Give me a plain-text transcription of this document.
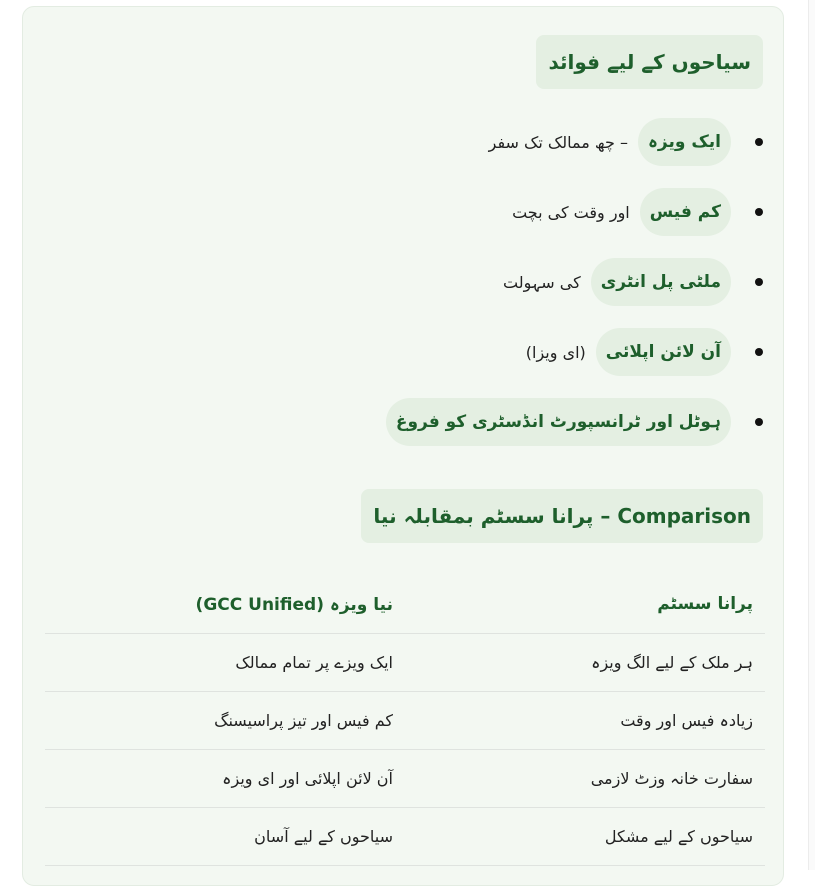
سیاحوں کے لیے فوائد
ایک ویزہ
– چھ ممالک تک سفر
کم فیس
اور وقت کی بچت
ملٹی پل انٹری
کی سہولت
آن لائن اپلائی
(ای ویزا)
ہوٹل اور ٹرانسپورٹ انڈسٹری کو فروغ
Comparison – پرانا سسٹم بمقابلہ نیا
پرانا سسٹم
نیا ویزہ (GCC Unified)
ہر ملک کے لیے الگ ویزہ
ایک ویزے پر تمام ممالک
زیادہ فیس اور وقت
کم فیس اور تیز پراسیسنگ
سفارت خانہ وزٹ لازمی
آن لائن اپلائی اور ای ویزہ
سیاحوں کے لیے مشکل
سیاحوں کے لیے آسان
